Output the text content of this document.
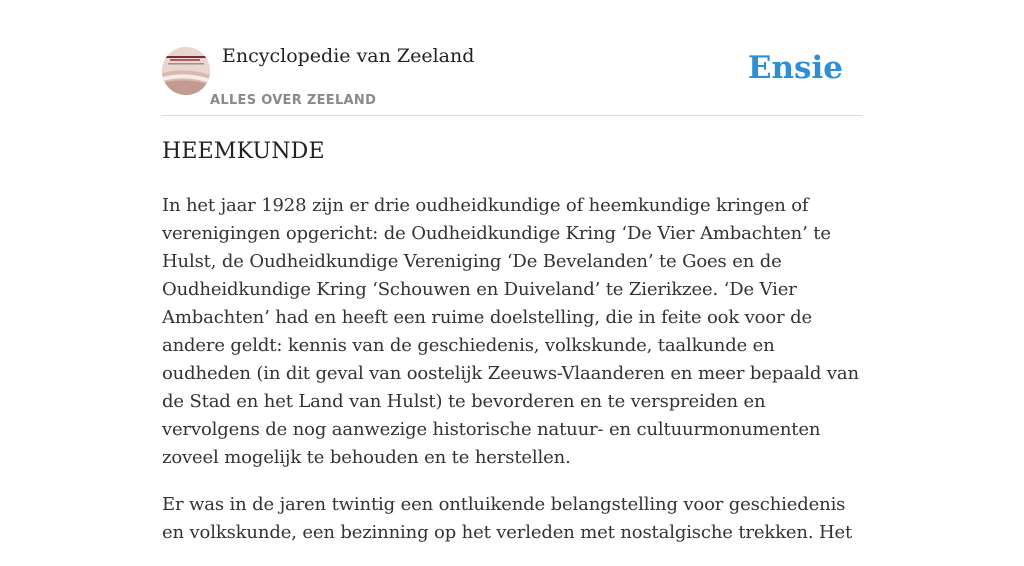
Encyclopedie van Zeeland
ALLES OVER ZEELAND
Ensie
HEEMKUNDE

In het jaar 1928 zijn er drie oudheidkundige of heemkundige kringen of verenigingen opgericht: de Oudheidkundige Kring ‘De Vier Ambachten’ te Hulst, de Oudheidkundige Vereniging ‘De Bevelanden’ te Goes en de Oudheidkundige Kring ‘Schouwen en Duiveland’ te Zierikzee. ‘De Vier Ambachten’ had en heeft een ruime doelstelling, die in feite ook voor de andere geldt: kennis van de geschiedenis, volkskunde, taalkunde en oudheden (in dit geval van oostelijk Zeeuws-Vlaanderen en meer bepaald van de Stad en het Land van Hulst) te bevorderen en te verspreiden en vervolgens de nog aanwezige historische natuur- en cultuurmonumenten zoveel mogelijk te behouden en te herstellen.

Er was in de jaren twintig een ontluikende belangstelling voor geschiedenis en volkskunde, een bezinning op het verleden met nostalgische trekken. Het
